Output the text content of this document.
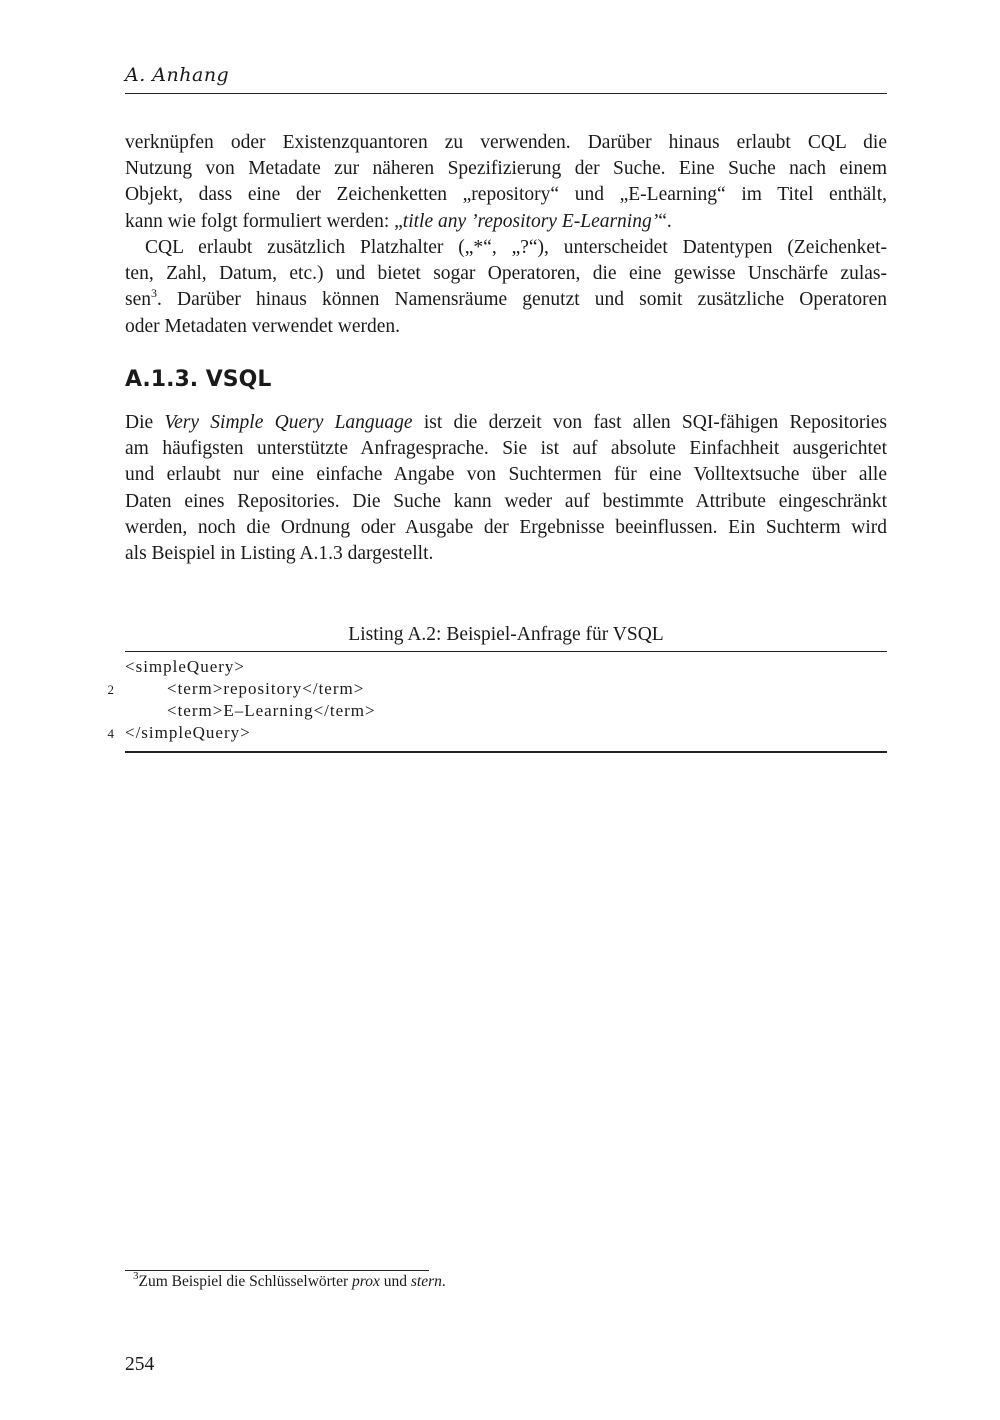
A. Anhang
verknüpfen oder Existenzquantoren zu verwenden. Darüber hinaus erlaubt CQL die
Nutzung von Metadate zur näheren Spezifizierung der Suche. Eine Suche nach einem
Objekt, dass eine der Zeichenketten „repository“ und „E-Learning“ im Titel enthält,
kann wie folgt formuliert werden: „title any ’repository E-Learning’“.
CQL erlaubt zusätzlich Platzhalter („*“, „?“), unterscheidet Datentypen (Zeichenket-
ten, Zahl, Datum, etc.) und bietet sogar Operatoren, die eine gewisse Unschärfe zulas-
sen$^3$. Darüber hinaus können Namensräume genutzt und somit zusätzliche Operatoren
oder Metadaten verwendet werden.
A.1.3. VSQL
Die Very Simple Query Language ist die derzeit von fast allen SQI-fähigen Repositories
am häufigsten unterstützte Anfragesprache. Sie ist auf absolute Einfachheit ausgerichtet
und erlaubt nur eine einfache Angabe von Suchtermen für eine Volltextsuche über alle
Daten eines Repositories. Die Suche kann weder auf bestimmte Attribute eingeschränkt
werden, noch die Ordnung oder Ausgabe der Ergebnisse beeinflussen. Ein Suchterm wird
als Beispiel in Listing A.1.3 dargestellt.
Listing A.2: Beispiel-Anfrage für VSQL
<simpleQuery>
2 <term>repository</term>
<term>E–Learning</term>
4 </simpleQuery>
$^3$Zum Beispiel die Schlüsselwörter prox und stern.
254
